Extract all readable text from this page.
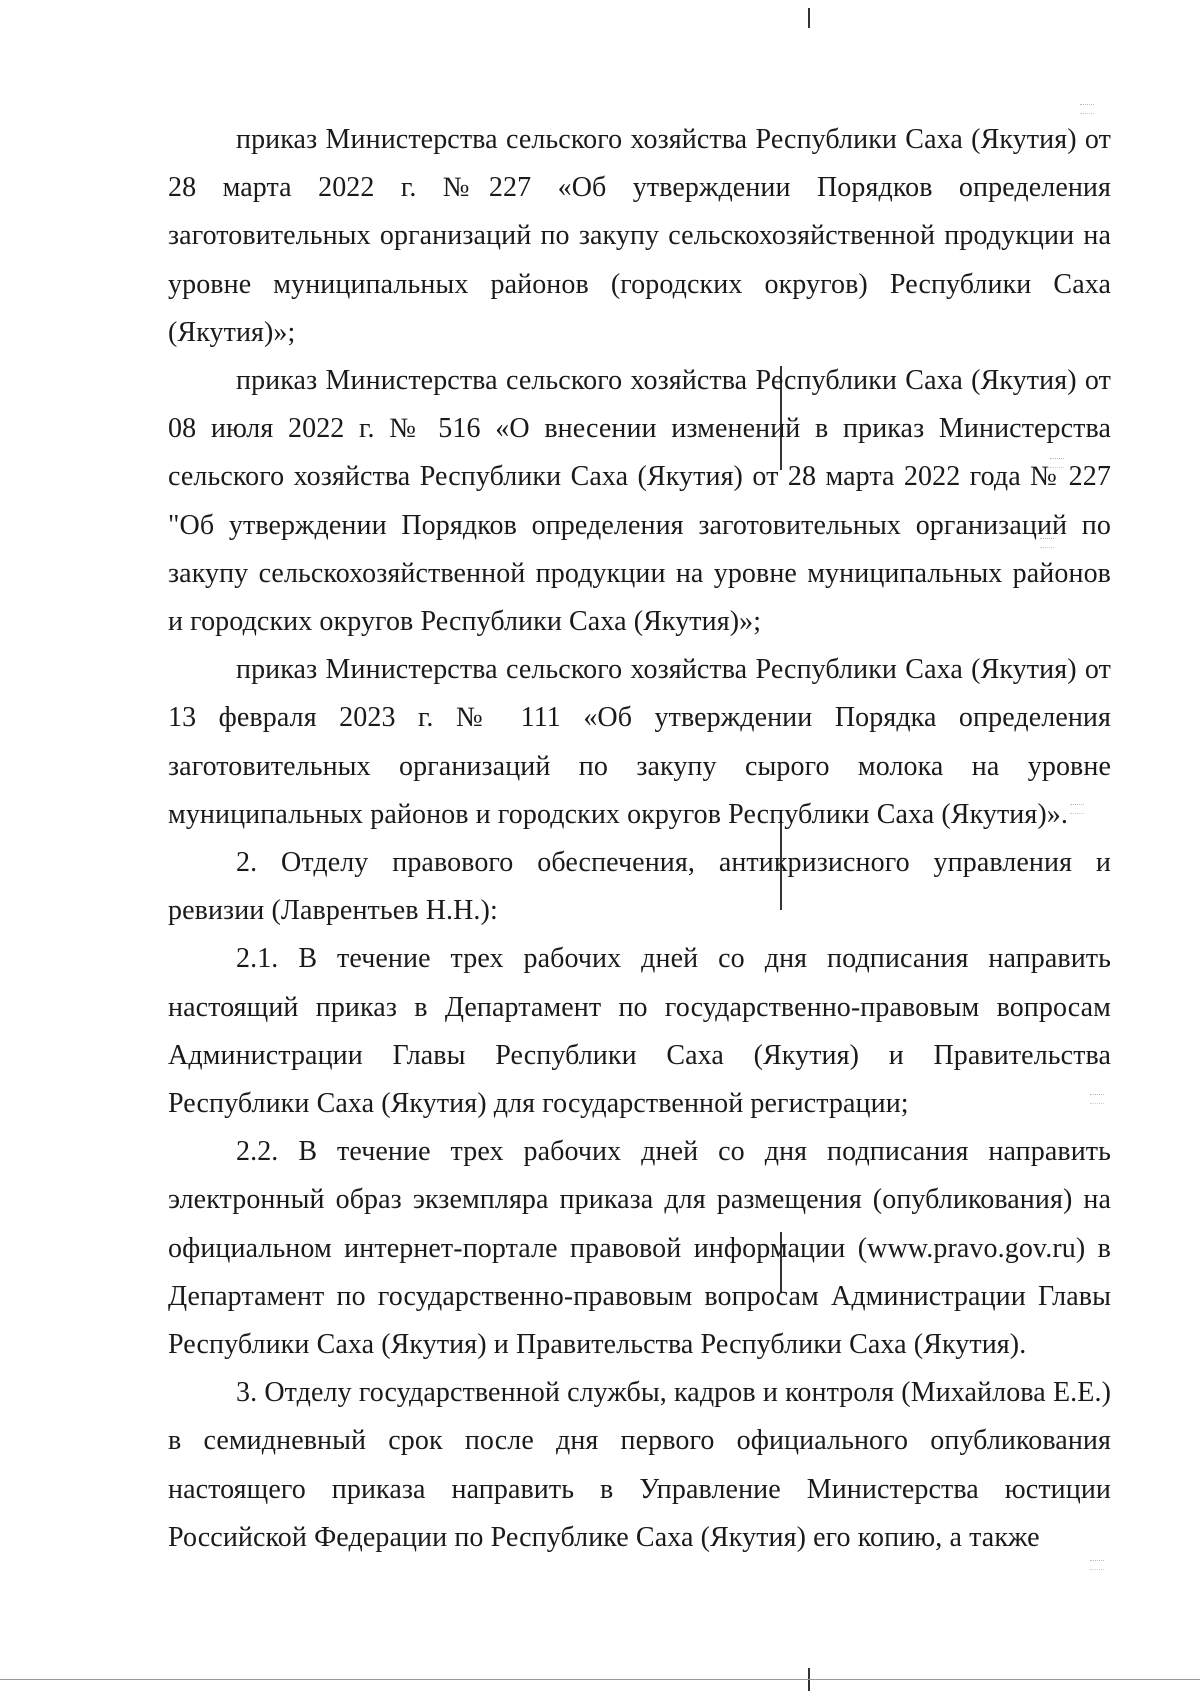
приказ Министерства сельского хозяйства Республики Саха (Якутия) от 28 марта 2022 г. №227 «Об утверждении Порядков определения заготовительных организаций по закупу сельскохозяйственной продукции на уровне муниципальных районов (городских округов) Республики Саха (Якутия)»;

приказ Министерства сельского хозяйства Республики Саха (Якутия) от 08 июля 2022 г. № 516 «О внесении изменений в приказ Министерства сельского хозяйства Республики Саха (Якутия) от 28 марта 2022 года № 227 "Об утверждении Порядков определения заготовительных организаций по закупу сельскохозяйственной продукции на уровне муниципальных районов и городских округов Республики Саха (Якутия)»;

приказ Министерства сельского хозяйства Республики Саха (Якутия) от 13 февраля 2023 г. № 111 «Об утверждении Порядка определения заготовительных организаций по закупу сырого молока на уровне муниципальных районов и городских округов Республики Саха (Якутия)».

2. Отделу правового обеспечения, антикризисного управления и ревизии (Лаврентьев Н.Н.):

2.1. В течение трех рабочих дней со дня подписания направить настоящий приказ в Департамент по государственно-правовым вопросам Администрации Главы Республики Саха (Якутия) и Правительства Республики Саха (Якутия) для государственной регистрации;

2.2. В течение трех рабочих дней со дня подписания направить электронный образ экземпляра приказа для размещения (опубликования) на официальном интернет-портале правовой информации (www.pravo.gov.ru) в Департамент по государственно-правовым вопросам Администрации Главы Республики Саха (Якутия) и Правительства Республики Саха (Якутия).

3. Отделу государственной службы, кадров и контроля (Михайлова Е.Е.) в семидневный срок после дня первого официального опубликования настоящего приказа направить в Управление Министерства юстиции Российской Федерации по Республике Саха (Якутия) его копию, а также
